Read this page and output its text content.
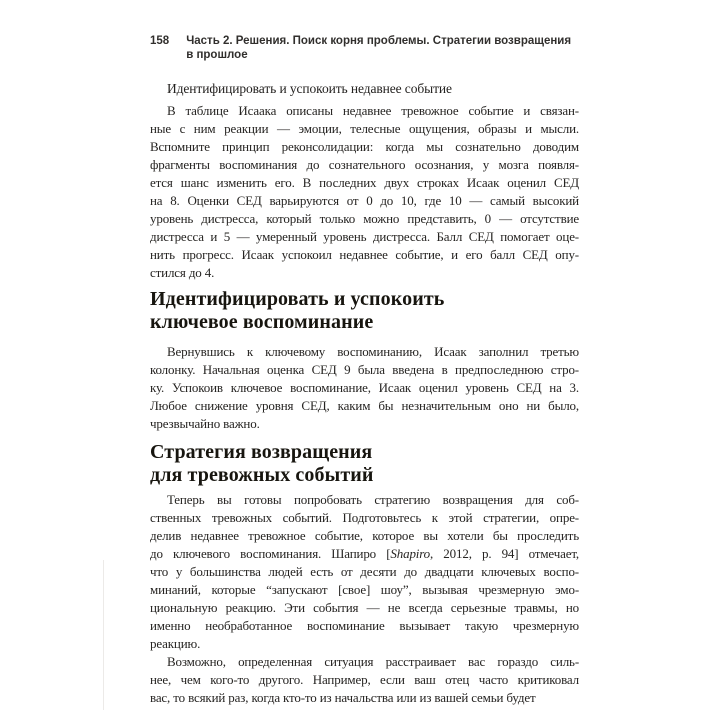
158 Часть 2. Решения. Поиск корня проблемы. Стратегии возвращения в прошлое
Идентифицировать и успокоить недавнее событие
В таблице Исаака описаны недавнее тревожное событие и связан-
ные с ним реакции — эмоции, телесные ощущения, образы и мысли.
Вспомните принцип реконсолидации: когда мы сознательно доводим
фрагменты воспоминания до сознательного осознания, у мозга появля-
ется шанс изменить его. В последних двух строках Исаак оценил СЕД
на 8. Оценки СЕД варьируются от 0 до 10, где 10 — самый высокий
уровень дистресса, который только можно представить, 0 — отсутствие
дистресса и 5 — умеренный уровень дистресса. Балл СЕД помогает оце-
нить прогресс. Исаак успокоил недавнее событие, и его балл СЕД опу-
стился до 4.
Идентифицировать и успокоить
ключевое воспоминание
Вернувшись к ключевому воспоминанию, Исаак заполнил третью
колонку. Начальная оценка СЕД 9 была введена в предпоследнюю стро-
ку. Успокоив ключевое воспоминание, Исаак оценил уровень СЕД на 3.
Любое снижение уровня СЕД, каким бы незначительным оно ни было,
чрезвычайно важно.
Стратегия возвращения
для тревожных событий
Теперь вы готовы попробовать стратегию возвращения для соб-
ственных тревожных событий. Подготовьтесь к этой стратегии, опре-
делив недавнее тревожное событие, которое вы хотели бы проследить
до ключевого воспоминания. Шапиро [Shapiro, 2012, p. 94] отмечает,
что у большинства людей есть от десяти до двадцати ключевых воспо-
минаний, которые “запускают [свое] шоу”, вызывая чрезмерную эмо-
циональную реакцию. Эти события — не всегда серьезные травмы, но
именно необработанное воспоминание вызывает такую чрезмерную
реакцию.
Возможно, определенная ситуация расстраивает вас гораздо силь-
нее, чем кого-то другого. Например, если ваш отец часто критиковал
вас, то всякий раз, когда кто-то из начальства или из вашей семьи будет
